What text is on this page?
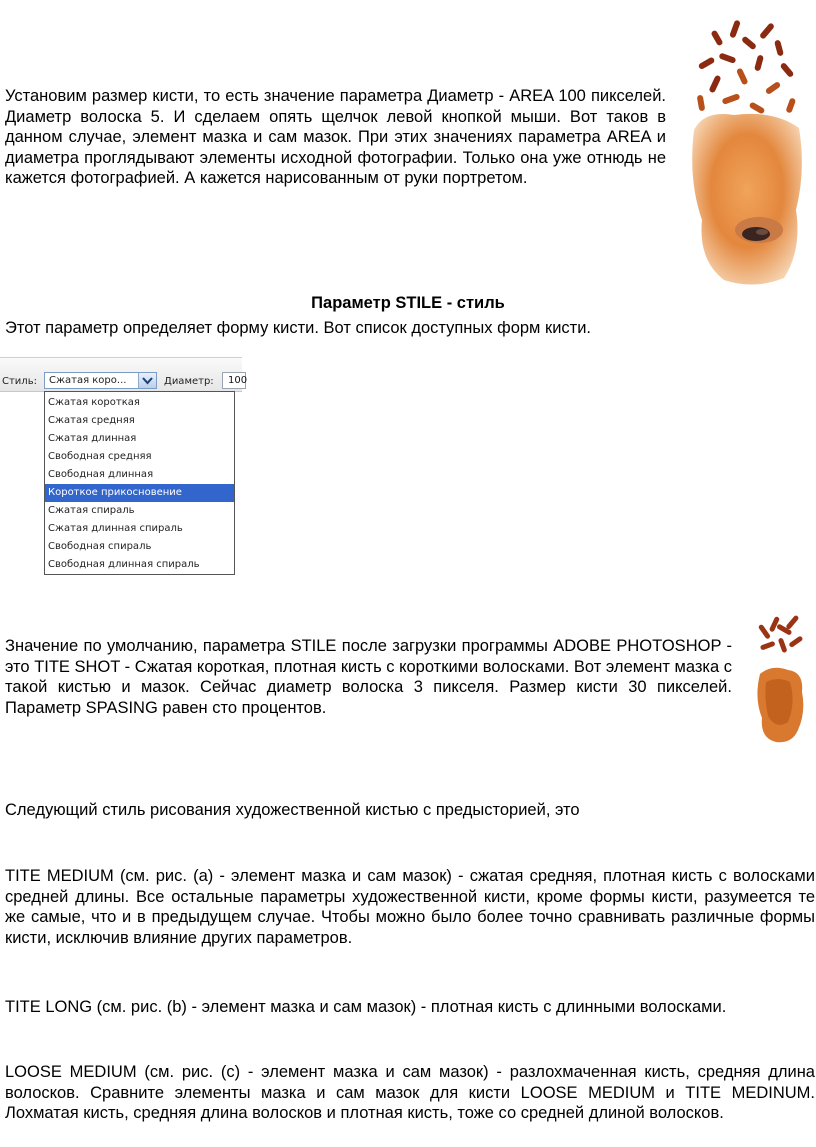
Установим размер кисти, то есть значение параметра Диаметр - AREA 100 пикселей. Диаметр волоска 5. И сделаем опять щелчок левой кнопкой мыши. Вот таков в данном случае, элемент мазка и сам мазок. При этих значениях параметра AREA и диаметра проглядывают элементы исходной фотографии. Только она уже отнюдь не кажется фотографией. А кажется нарисованным от руки портретом.

Параметр STILE - стиль

Этот параметр определяет форму кисти. Вот список доступных форм кисти.

Стиль: Сжатая коро...	Диаметр: 100
Сжатая короткая
Сжатая средняя
Сжатая длинная
Свободная средняя
Свободная длинная
Короткое прикосновение
Сжатая спираль
Сжатая длинная спираль
Свободная спираль
Свободная длинная спираль

Значение по умолчанию, параметра STILE после загрузки программы ADOBE PHOTOSHOP - это TITE SHOT - Сжатая короткая, плотная кисть с короткими волосками. Вот элемент мазка с такой кистью и мазок. Сейчас диаметр волоска 3 пикселя. Размер кисти 30 пикселей. Параметр SPASING равен сто процентов.

Следующий стиль рисования художественной кистью с предысторией, это

TITE MEDIUM (см. рис. (а) - элемент мазка и сам мазок) - сжатая средняя, плотная кисть с волосками средней длины. Все остальные параметры художественной кисти, кроме формы кисти, разумеется те же самые, что и в предыдущем случае. Чтобы можно было более точно сравнивать различные формы кисти, исключив влияние других параметров.

TITE LONG (см. рис. (b) - элемент мазка и сам мазок) - плотная кисть с длинными волосками.

LOOSE MEDIUM (см. рис. (с) - элемент мазка и сам мазок) - разлохмаченная кисть, средняя длина волосков. Сравните элементы мазка и сам мазок для кисти LOOSE MEDIUM и TITE MEDINUM. Лохматая кисть, средняя длина волосков и плотная кисть, тоже со средней длиной волосков.
